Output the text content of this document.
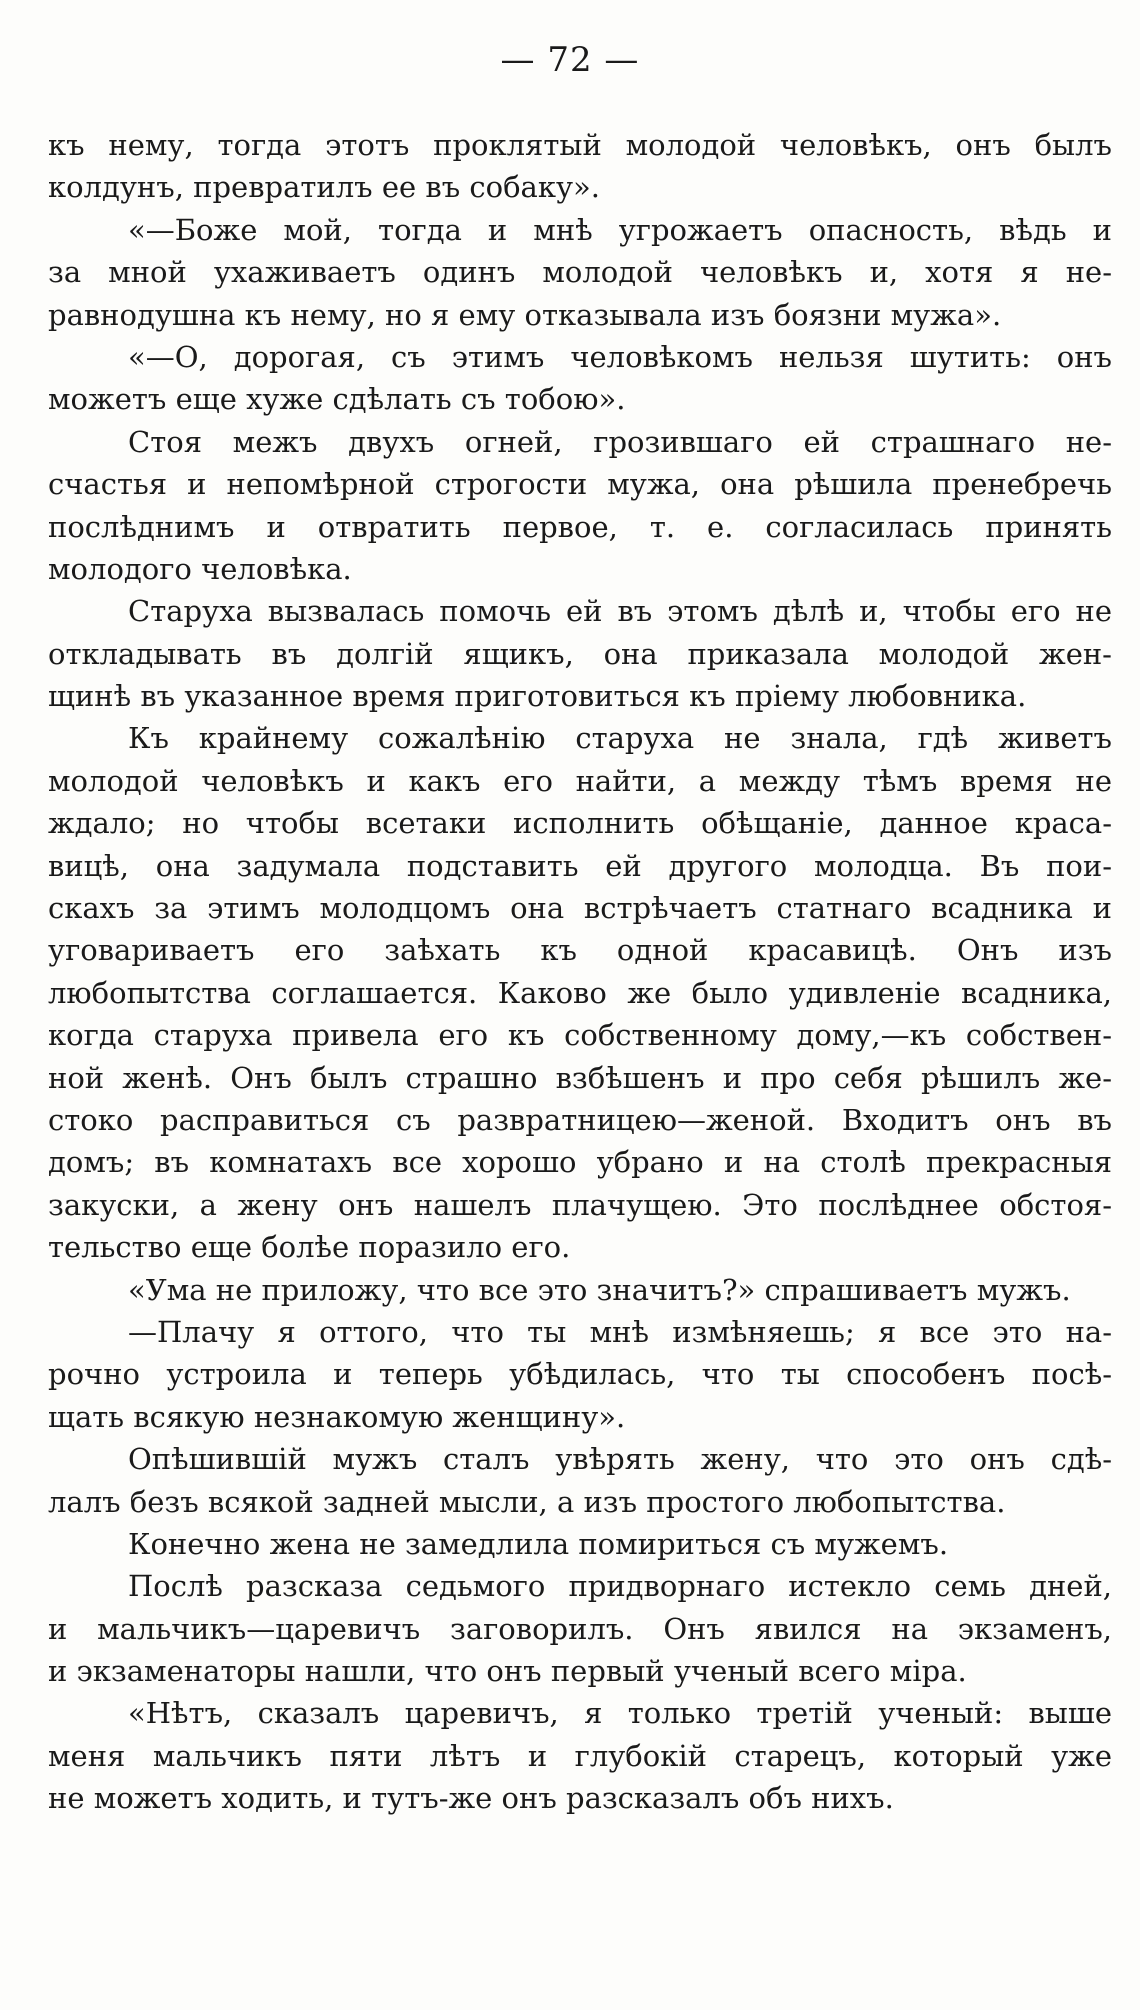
— 72 —
къ нему, тогда этотъ проклятый молодой человѣкъ, онъ былъ
колдунъ, превратилъ ее въ собаку».
«—Боже мой, тогда и мнѣ угрожаетъ опасность, вѣдь и
за мной ухаживаетъ одинъ молодой человѣкъ и, хотя я не-
равнодушна къ нему, но я ему отказывала изъ боязни мужа».
«—О, дорогая, съ этимъ человѣкомъ нельзя шутить: онъ
можетъ еще хуже сдѣлать съ тобою».
Стоя межъ двухъ огней, грозившаго ей страшнаго не-
счастья и непомѣрной строгости мужа, она рѣшила пренебречь
послѣднимъ и отвратить первое, т. е. согласилась принять
молодого человѣка.
Старуха вызвалась помочь ей въ этомъ дѣлѣ и, чтобы его не
откладывать въ долгій ящикъ, она приказала молодой жен-
щинѣ въ указанное время приготовиться къ пріему любовника.
Къ крайнему сожалѣнію старуха не знала, гдѣ живетъ
молодой человѣкъ и какъ его найти, а между тѣмъ время не
ждало; но чтобы всетаки исполнить обѣщаніе, данное краса-
вицѣ, она задумала подставить ей другого молодца. Въ пои-
скахъ за этимъ молодцомъ она встрѣчаетъ статнаго всадника и
уговариваетъ его заѣхать къ одной красавицѣ. Онъ изъ
любопытства соглашается. Каково же было удивленіе всадника,
когда старуха привела его къ собственному дому,—къ собствен-
ной женѣ. Онъ былъ страшно взбѣшенъ и про себя рѣшилъ же-
стоко расправиться съ развратницею—женой. Входитъ онъ въ
домъ; въ комнатахъ все хорошо убрано и на столѣ прекрасныя
закуски, а жену онъ нашелъ плачущею. Это послѣднее обстоя-
тельство еще болѣе поразило его.
«Ума не приложу, что все это значитъ?» спрашиваетъ мужъ.
—Плачу я оттого, что ты мнѣ измѣняешь; я все это на-
рочно устроила и теперь убѣдилась, что ты способенъ посѣ-
щать всякую незнакомую женщину».
Опѣшившій мужъ сталъ увѣрять жену, что это онъ сдѣ-
лалъ безъ всякой задней мысли, а изъ простого любопытства.
Конечно жена не замедлила помириться съ мужемъ.
Послѣ разсказа седьмого придворнаго истекло семь дней,
и мальчикъ—царевичъ заговорилъ. Онъ явился на экзаменъ,
и экзаменаторы нашли, что онъ первый ученый всего міра.
«Нѣтъ, сказалъ царевичъ, я только третій ученый: выше
меня мальчикъ пяти лѣтъ и глубокій старецъ, который уже
не можетъ ходить, и тутъ-же онъ разсказалъ объ нихъ.
